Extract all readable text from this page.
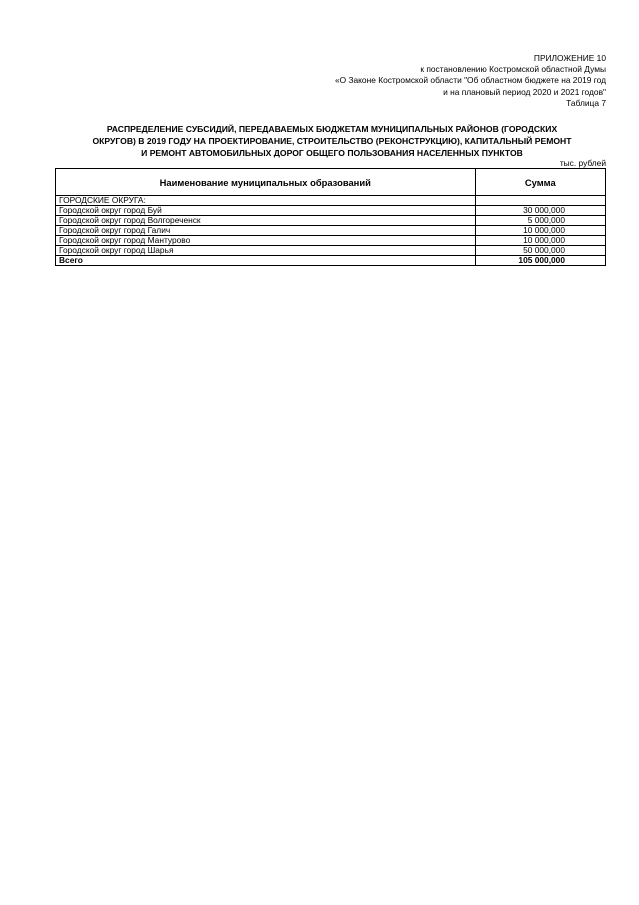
ПРИЛОЖЕНИЕ 10
к постановлению Костромской областной Думы
«О Законе Костромской области "Об областном бюджете на 2019 год
и на плановый период 2020 и 2021 годов"
Таблица 7
РАСПРЕДЕЛЕНИЕ СУБСИДИЙ, ПЕРЕДАВАЕМЫХ БЮДЖЕТАМ МУНИЦИПАЛЬНЫХ РАЙОНОВ (ГОРОДСКИХ
ОКРУГОВ) В 2019 ГОДУ НА ПРОЕКТИРОВАНИЕ, СТРОИТЕЛЬСТВО (РЕКОНСТРУКЦИЮ), КАПИТАЛЬНЫЙ РЕМОНТ
И РЕМОНТ АВТОМОБИЛЬНЫХ ДОРОГ ОБЩЕГО ПОЛЬЗОВАНИЯ НАСЕЛЕННЫХ ПУНКТОВ
тыс. рублей
Наименование муниципальных образований	Сумма
ГОРОДСКИЕ ОКРУГА:	
Городской округ город Буй	30 000,000
Городской округ город Волгореченск	5 000,000
Городской округ город Галич	10 000,000
Городской округ город Мантурово	10 000,000
Городской округ город Шарья	50 000,000
Всего	105 000,000
